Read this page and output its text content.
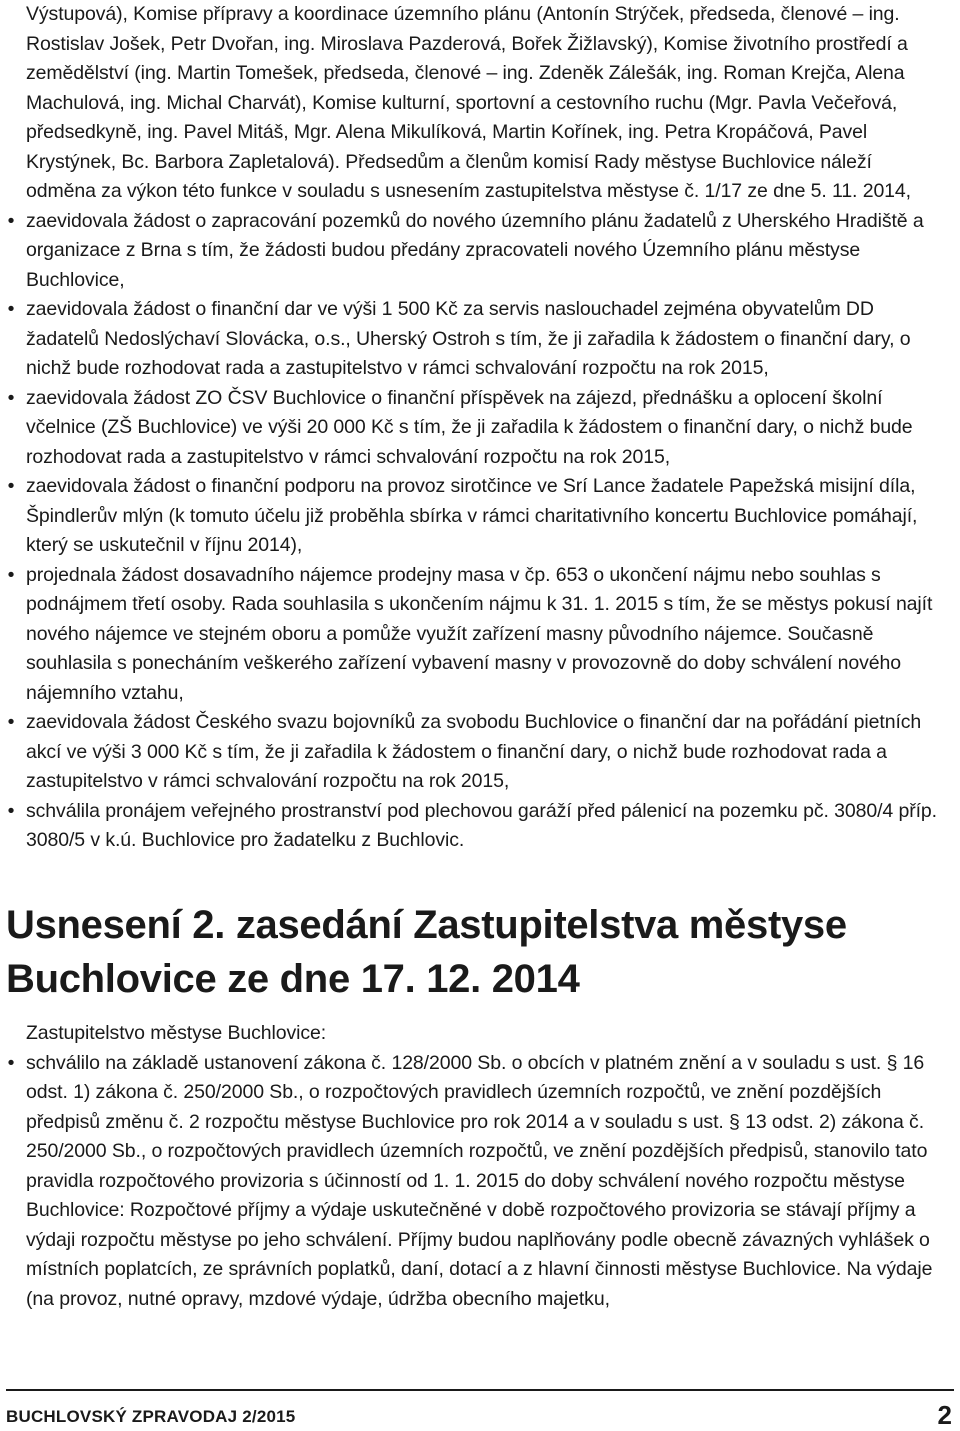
Výstupová), Komise přípravy a koordinace územního plánu (Antonín Strýček, předseda, členové – ing. Rostislav Jošek, Petr Dvořan, ing. Miroslava Pazderová, Bořek Žižlavský), Komise životního prostředí a zemědělství (ing. Martin Tomešek, předseda, členové – ing. Zdeněk Zálešák, ing. Roman Krejča, Alena Machulová, ing. Michal Charvát), Komise kulturní, sportovní a cestovního ruchu (Mgr. Pavla Večeřová, předsedkyně, ing. Pavel Mitáš, Mgr. Alena Mikulíková, Martin Kořínek, ing. Petra Kropáčová, Pavel Krystýnek, Bc. Barbora Zapletalová). Předsedům a členům komisí Rady městyse Buchlovice náleží odměna za výkon této funkce v souladu s usnesením zastupitelstva městyse č. 1/17 ze dne 5. 11. 2014,

• zaevidovala žádost o zapracování pozemků do nového územního plánu žadatelů z Uherského Hradiště a organizace z Brna s tím, že žádosti budou předány zpracovateli nového Územního plánu městyse Buchlovice,
• zaevidovala žádost o finanční dar ve výši 1 500 Kč za servis naslouchadel zejména obyvatelům DD žadatelů Nedoslýchaví Slovácka, o.s., Uherský Ostroh s tím, že ji zařadila k žádostem o finanční dary, o nichž bude rozhodovat rada a zastupitelstvo v rámci schvalování rozpočtu na rok 2015,
• zaevidovala žádost ZO ČSV Buchlovice o finanční příspěvek na zájezd, přednášku a oplocení školní včelnice (ZŠ Buchlovice) ve výši 20 000 Kč s tím, že ji zařadila k žádostem o finanční dary, o nichž bude rozhodovat rada a zastupitelstvo v rámci schvalování rozpočtu na rok 2015,
• zaevidovala žádost o finanční podporu na provoz sirotčince ve Srí Lance žadatele Papežská misijní díla, Špindlerův mlýn (k tomuto účelu již proběhla sbírka v rámci charitativního koncertu Buchlovice pomáhají, který se uskutečnil v říjnu 2014),
• projednala žádost dosavadního nájemce prodejny masa v čp. 653 o ukončení nájmu nebo souhlas s podnájmem třetí osoby. Rada souhlasila s ukončením nájmu k 31. 1. 2015 s tím, že se městys pokusí najít nového nájemce ve stejném oboru a pomůže využít zařízení masny původního nájemce. Současně souhlasila s ponecháním veškerého zařízení vybavení masny v provozovně do doby schválení nového nájemního vztahu,
• zaevidovala žádost Českého svazu bojovníků za svobodu Buchlovice o finanční dar na pořádání pietních akcí ve výši 3 000 Kč s tím, že ji zařadila k žádostem o finanční dary, o nichž bude rozhodovat rada a zastupitelstvo v rámci schvalování rozpočtu na rok 2015,
• schválila pronájem veřejného prostranství pod plechovou garáží před pálenicí na pozemku pč. 3080/4 příp. 3080/5 v k.ú. Buchlovice pro žadatelku z Buchlovic.
Usnesení 2. zasedání Zastupitelstva městyse Buchlovice ze dne 17. 12. 2014

Zastupitelstvo městyse Buchlovice:

• schválilo na základě ustanovení zákona č. 128/2000 Sb. o obcích v platném znění a v souladu s ust. § 16 odst. 1) zákona č. 250/2000 Sb., o rozpočtových pravidlech územních rozpočtů, ve znění pozdějších předpisů změnu č. 2 rozpočtu městyse Buchlovice pro rok 2014 a v souladu s ust. § 13 odst. 2) zákona č. 250/2000 Sb., o rozpočtových pravidlech územních rozpočtů, ve znění pozdějších předpisů, stanovilo tato pravidla rozpočtového provizoria s účinností od 1. 1. 2015 do doby schválení nového rozpočtu městyse Buchlovice: Rozpočtové příjmy a výdaje uskutečněné v době rozpočtového provizoria se stávají příjmy a výdaji rozpočtu městyse po jeho schválení. Příjmy budou naplňovány podle obecně závazných vyhlášek o místních poplatcích, ze správních poplatků, daní, dotací a z hlavní činnosti městyse Buchlovice. Na výdaje (na provoz, nutné opravy, mzdové výdaje, údržba obecního majetku,
BUCHLOVSKÝ ZPRAVODAJ 2/2015	2
